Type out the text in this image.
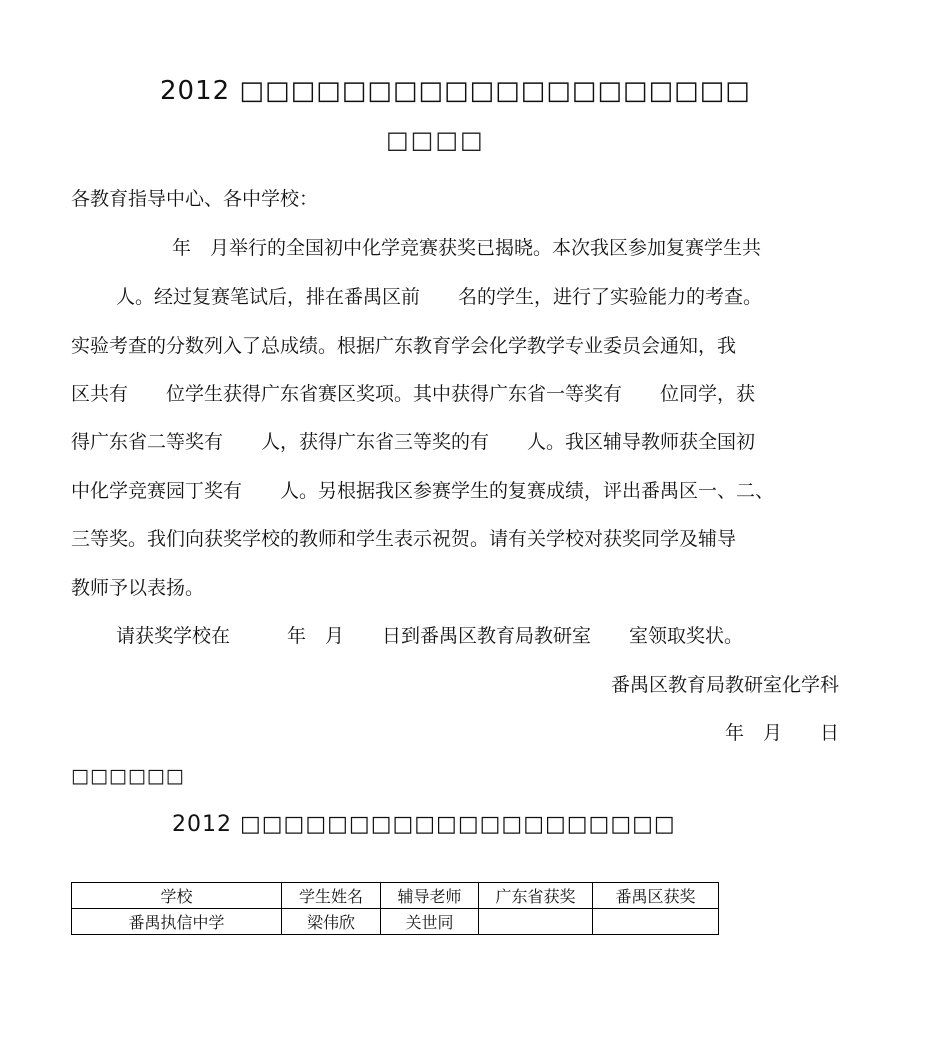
2012 □□□□□□□□□□□□□□□□□□□□
□□□□
各教育指导中心、各中学校：
年　月举行的全国初中化学竞赛获奖已揭晓。本次我区参加复赛学生共
人。经过复赛笔试后，排在番禺区前　　名的学生，进行了实验能力的考查。
实验考查的分数列入了总成绩。根据广东教育学会化学教学专业委员会通知，我
区共有　　位学生获得广东省赛区奖项。其中获得广东省一等奖有　　位同学，获
得广东省二等奖有　　人，获得广东省三等奖的有　　人。我区辅导教师获全国初
中化学竞赛园丁奖有　　人。另根据我区参赛学生的复赛成绩，评出番禺区一、二、
三等奖。我们向获奖学校的教师和学生表示祝贺。请有关学校对获奖同学及辅导
教师予以表扬。
请获奖学校在　　　年　月　　日到番禺区教育局教研室　　室领取奖状。
番禺区教育局教研室化学科
年　月　　日
□□□□□□
2012 □□□□□□□□□□□□□□□□□□□□
学校	学生姓名	辅导老师	广东省获奖	番禺区获奖
番禺执信中学	梁伟欣	关世同		
